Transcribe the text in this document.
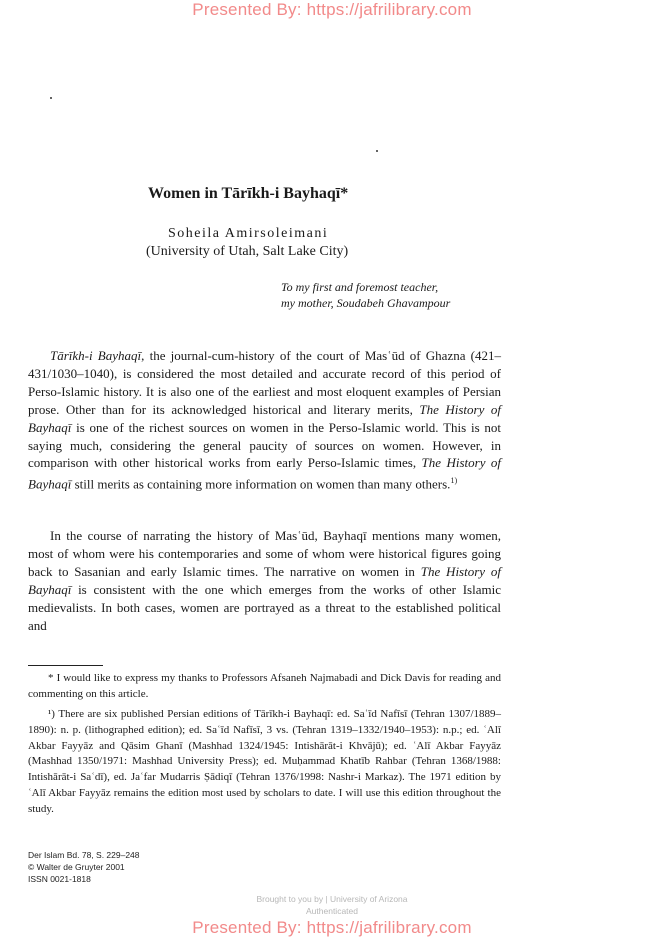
Presented By: https://jafrilibrary.com
Women in Tārīkh-i Bayhaqī*
Soheila Amirsoleimani
(University of Utah, Salt Lake City)
To my first and foremost teacher,
my mother, Soudabeh Ghavampour

Tārīkh-i Bayhaqī, the journal-cum-history of the court of Masʿūd of Ghazna (421–431/1030–1040), is considered the most detailed and accurate record of this period of Perso-Islamic history. It is also one of the earliest and most eloquent examples of Persian prose. Other than for its acknowledged historical and literary merits, The History of Bayhaqī is one of the richest sources on women in the Perso-Islamic world. This is not saying much, considering the general paucity of sources on women. However, in comparison with other historical works from early Perso-Islamic times, The History of Bayhaqī still merits as containing more information on women than many others.$^{1)}$

In the course of narrating the history of Masʿūd, Bayhaqī mentions many women, most of whom were his contemporaries and some of whom were historical figures going back to Sasanian and early Islamic times. The narrative on women in The History of Bayhaqī is consistent with the one which emerges from the works of other Islamic medievalists. In both cases, women are portrayed as a threat to the established political and

* I would like to express my thanks to Professors Afsaneh Najmabadi and Dick Davis for reading and commenting on this article.

¹) There are six published Persian editions of Tārīkh-i Bayhaqī: ed. Saʿīd Nafīsī (Tehran 1307/1889–1890): n. p. (lithographed edition); ed. Saʿīd Nafīsī, 3 vs. (Tehran 1319–1332/1940–1953): n.p.; ed. ʿAlī Akbar Fayyāz and Qāsim Ghanī (Mashhad 1324/1945: Intishārāt-i Khvājū); ed. ʿAlī Akbar Fayyāz (Mashhad 1350/1971: Mashhad University Press); ed. Muḥammad Khatīb Rahbar (Tehran 1368/1988: Intishārāt-i Saʿdī), ed. Jaʿfar Mudarris Ṣādiqī (Tehran 1376/1998: Nashr-i Markaz). The 1971 edition by ʿAlī Akbar Fayyāz remains the edition most used by scholars to date. I will use this edition throughout the study.

Der Islam Bd. 78, S. 229–248
© Walter de Gruyter 2001
ISSN 0021-1818
Brought to you by | University of Arizona
Authenticated
Presented By: https://jafrilibrary.com
